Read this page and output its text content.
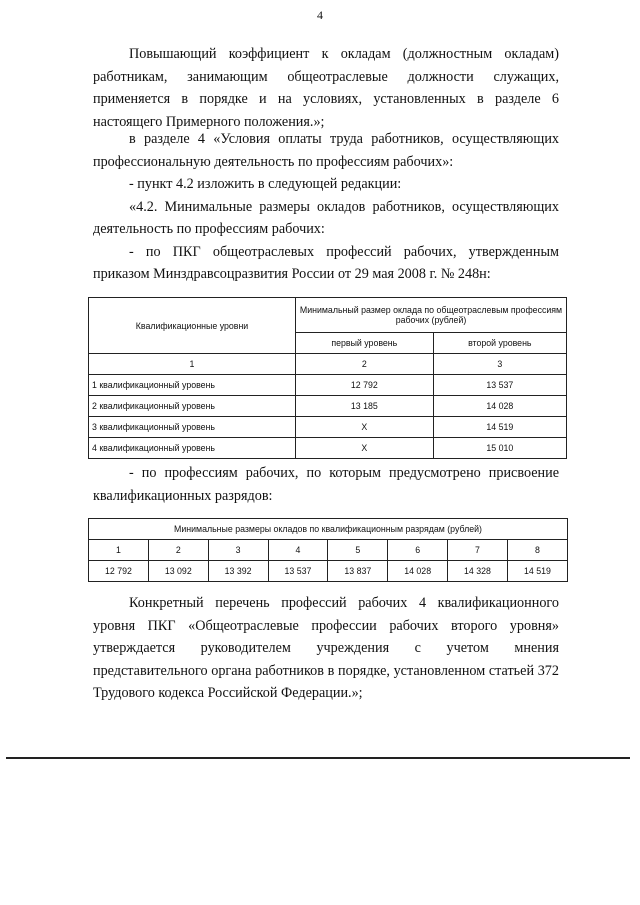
4

Повышающий коэффициент к окладам (должностным окладам) работникам, занимающим общеотраслевые должности служащих, применяется в порядке и на условиях, установленных в разделе 6 настоящего Примерного положения.»;

в разделе 4 «Условия оплаты труда работников, осуществляющих профессиональную деятельность по профессиям рабочих»:

- пункт 4.2 изложить в следующей редакции:

«4.2. Минимальные размеры окладов работников, осуществляющих деятельность по профессиям рабочих:

- по ПКГ общеотраслевых профессий рабочих, утвержденным приказом Минздравсоцразвития России от 29 мая 2008 г. № 248н:

Квалификационные уровни	Минимальный размер оклада по общеотраслевым профессиям рабочих (рублей)	
	первый уровень	второй уровень
1	2	3
1 квалификационный уровень	12 792	13 537
2 квалификационный уровень	13 185	14 028
3 квалификационный уровень	Х	14 519
4 квалификационный уровень	Х	15 010

- по профессиям рабочих, по которым предусмотрено присвоение квалификационных разрядов:

Минимальные размеры окладов по квалификационным разрядам (рублей)							
1	2	3	4	5	6	7	8
12 792	13 092	13 392	13 537	13 837	14 028	14 328	14 519

Конкретный перечень профессий рабочих 4 квалификационного уровня ПКГ «Общеотраслевые профессии рабочих второго уровня» утверждается руководителем учреждения с учетом мнения представительного органа работников в порядке, установленном статьей 372 Трудового кодекса Российской Федерации.»;
